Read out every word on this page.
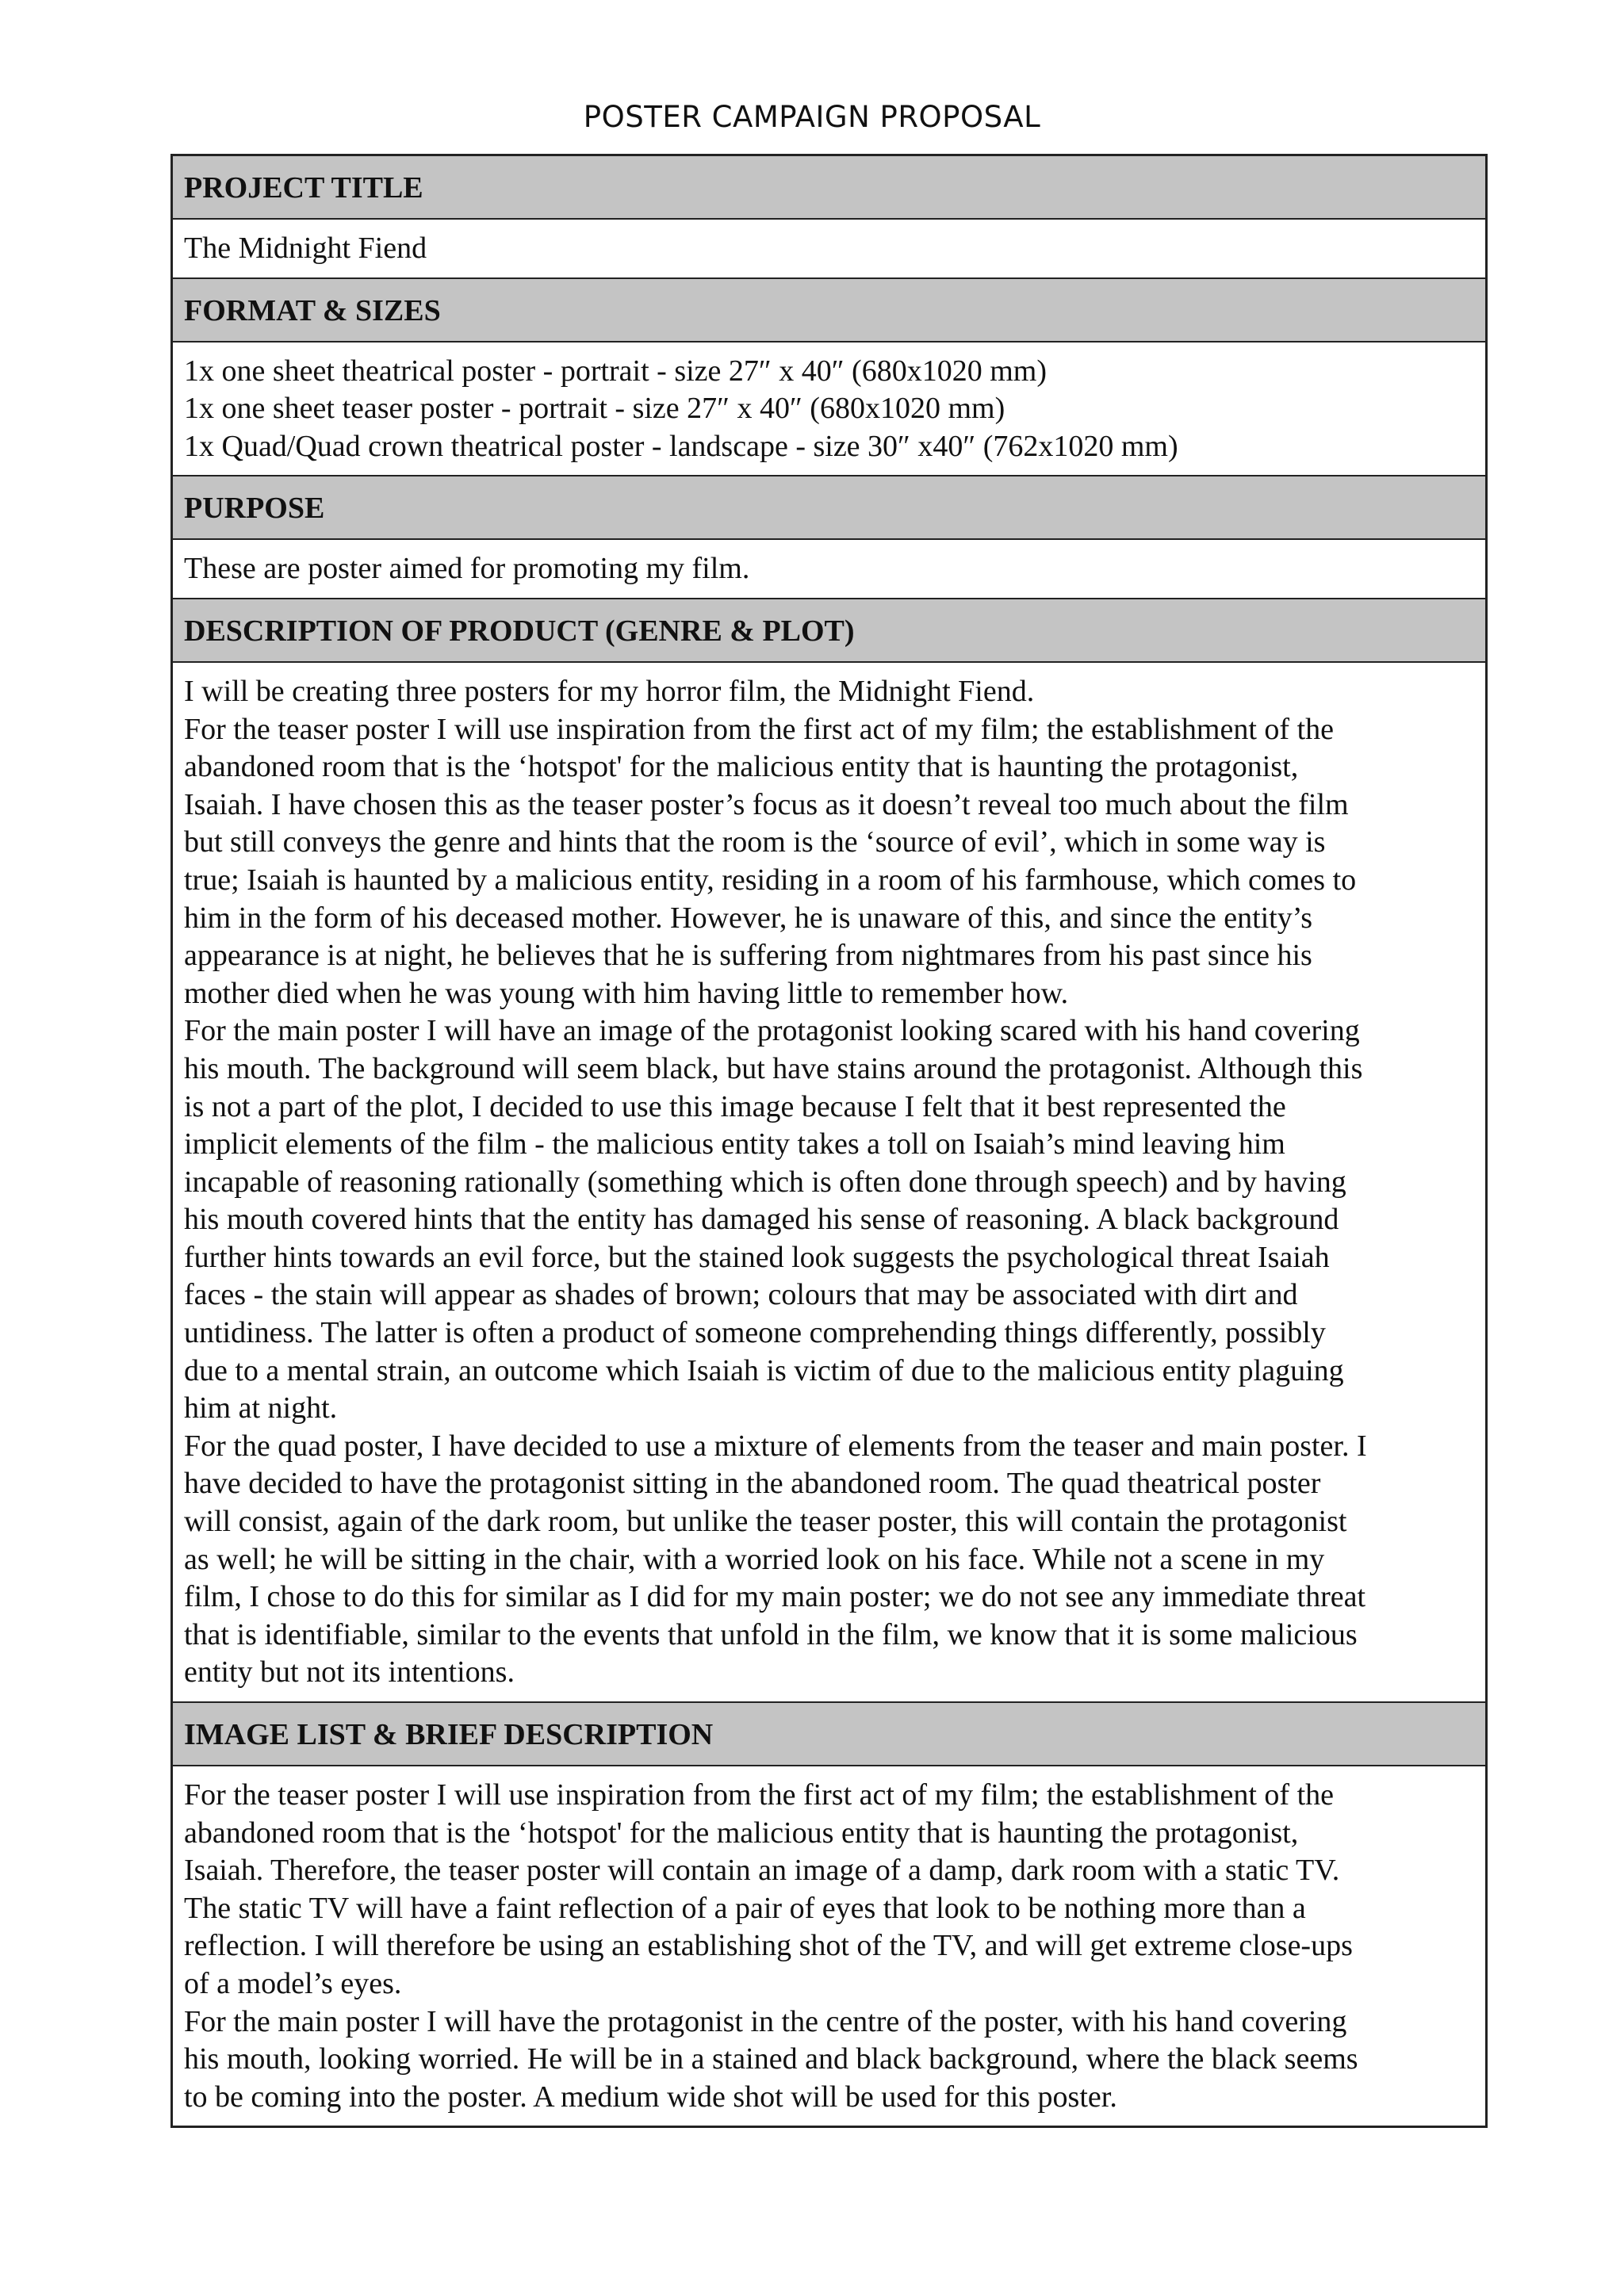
POSTER CAMPAIGN PROPOSAL
PROJECT TITLE
The Midnight Fiend
FORMAT & SIZES
1x one sheet theatrical poster - portrait - size 27″ x 40″ (680x1020 mm)
1x one sheet teaser poster - portrait - size 27″ x 40″ (680x1020 mm)
1x Quad/Quad crown theatrical poster - landscape - size 30″ x40″ (762x1020 mm)
PURPOSE
These are poster aimed for promoting my film.
DESCRIPTION OF PRODUCT (GENRE & PLOT)
I will be creating three posters for my horror film, the Midnight Fiend.
For the teaser poster I will use inspiration from the first act of my film; the establishment of the
abandoned room that is the ‘hotspot' for the malicious entity that is haunting the protagonist,
Isaiah. I have chosen this as the teaser poster’s focus as it doesn’t reveal too much about the film
but still conveys the genre and hints that the room is the ‘source of evil’, which in some way is
true; Isaiah is haunted by a malicious entity, residing in a room of his farmhouse, which comes to
him in the form of his deceased mother. However, he is unaware of this, and since the entity’s
appearance is at night, he believes that he is suffering from nightmares from his past since his
mother died when he was young with him having little to remember how.
For the main poster I will have an image of the protagonist looking scared with his hand covering
his mouth. The background will seem black, but have stains around the protagonist. Although this
is not a part of the plot, I decided to use this image because I felt that it best represented the
implicit elements of the film - the malicious entity takes a toll on Isaiah’s mind leaving him
incapable of reasoning rationally (something which is often done through speech) and by having
his mouth covered hints that the entity has damaged his sense of reasoning. A black background
further hints towards an evil force, but the stained look suggests the psychological threat Isaiah
faces - the stain will appear as shades of brown; colours that may be associated with dirt and
untidiness. The latter is often a product of someone comprehending things differently, possibly
due to a mental strain, an outcome which Isaiah is victim of due to the malicious entity plaguing
him at night.
For the quad poster, I have decided to use a mixture of elements from the teaser and main poster. I
have decided to have the protagonist sitting in the abandoned room. The quad theatrical poster
will consist, again of the dark room, but unlike the teaser poster, this will contain the protagonist
as well; he will be sitting in the chair, with a worried look on his face. While not a scene in my
film, I chose to do this for similar as I did for my main poster; we do not see any immediate threat
that is identifiable, similar to the events that unfold in the film, we know that it is some malicious
entity but not its intentions.
IMAGE LIST & BRIEF DESCRIPTION
For the teaser poster I will use inspiration from the first act of my film; the establishment of the
abandoned room that is the ‘hotspot' for the malicious entity that is haunting the protagonist,
Isaiah. Therefore, the teaser poster will contain an image of a damp, dark room with a static TV.
The static TV will have a faint reflection of a pair of eyes that look to be nothing more than a
reflection. I will therefore be using an establishing shot of the TV, and will get extreme close-ups
of a model’s eyes.
For the main poster I will have the protagonist in the centre of the poster, with his hand covering
his mouth, looking worried. He will be in a stained and black background, where the black seems
to be coming into the poster. A medium wide shot will be used for this poster.
